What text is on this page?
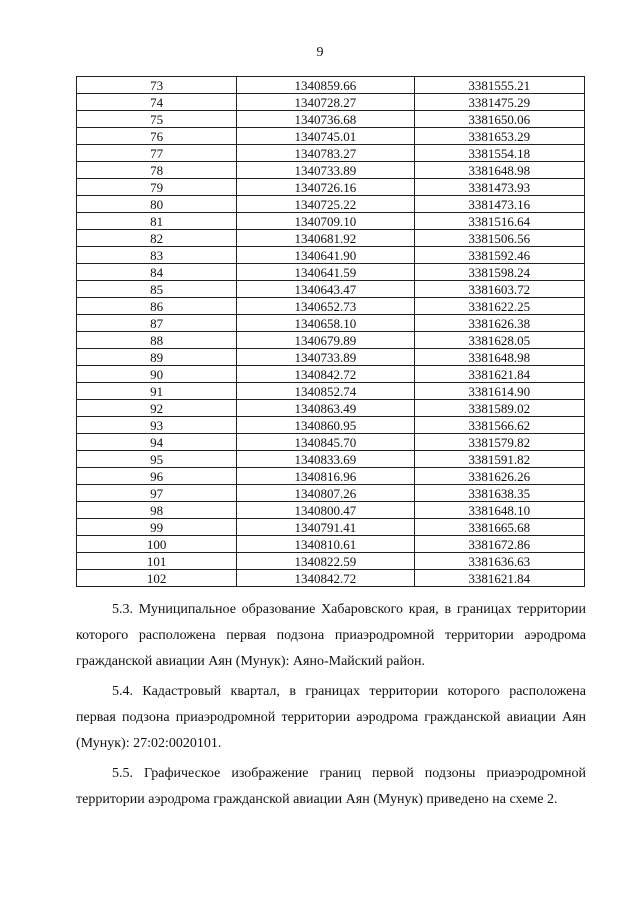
9
73	1340859.66	3381555.21
74	1340728.27	3381475.29
75	1340736.68	3381650.06
76	1340745.01	3381653.29
77	1340783.27	3381554.18
78	1340733.89	3381648.98
79	1340726.16	3381473.93
80	1340725.22	3381473.16
81	1340709.10	3381516.64
82	1340681.92	3381506.56
83	1340641.90	3381592.46
84	1340641.59	3381598.24
85	1340643.47	3381603.72
86	1340652.73	3381622.25
87	1340658.10	3381626.38
88	1340679.89	3381628.05
89	1340733.89	3381648.98
90	1340842.72	3381621.84
91	1340852.74	3381614.90
92	1340863.49	3381589.02
93	1340860.95	3381566.62
94	1340845.70	3381579.82
95	1340833.69	3381591.82
96	1340816.96	3381626.26
97	1340807.26	3381638.35
98	1340800.47	3381648.10
99	1340791.41	3381665.68
100	1340810.61	3381672.86
101	1340822.59	3381636.63
102	1340842.72	3381621.84

5.3. Муниципальное образование Хабаровского края, в границах территории которого расположена первая подзона приаэродромной территории аэродрома гражданской авиации Аян (Мунук): Аяно-Майский район.

5.4. Кадастровый квартал, в границах территории которого расположена первая подзона приаэродромной территории аэродрома гражданской авиации Аян (Мунук): 27:02:0020101.

5.5. Графическое изображение границ первой подзоны приаэродромной территории аэродрома гражданской авиации Аян (Мунук) приведено на схеме 2.
